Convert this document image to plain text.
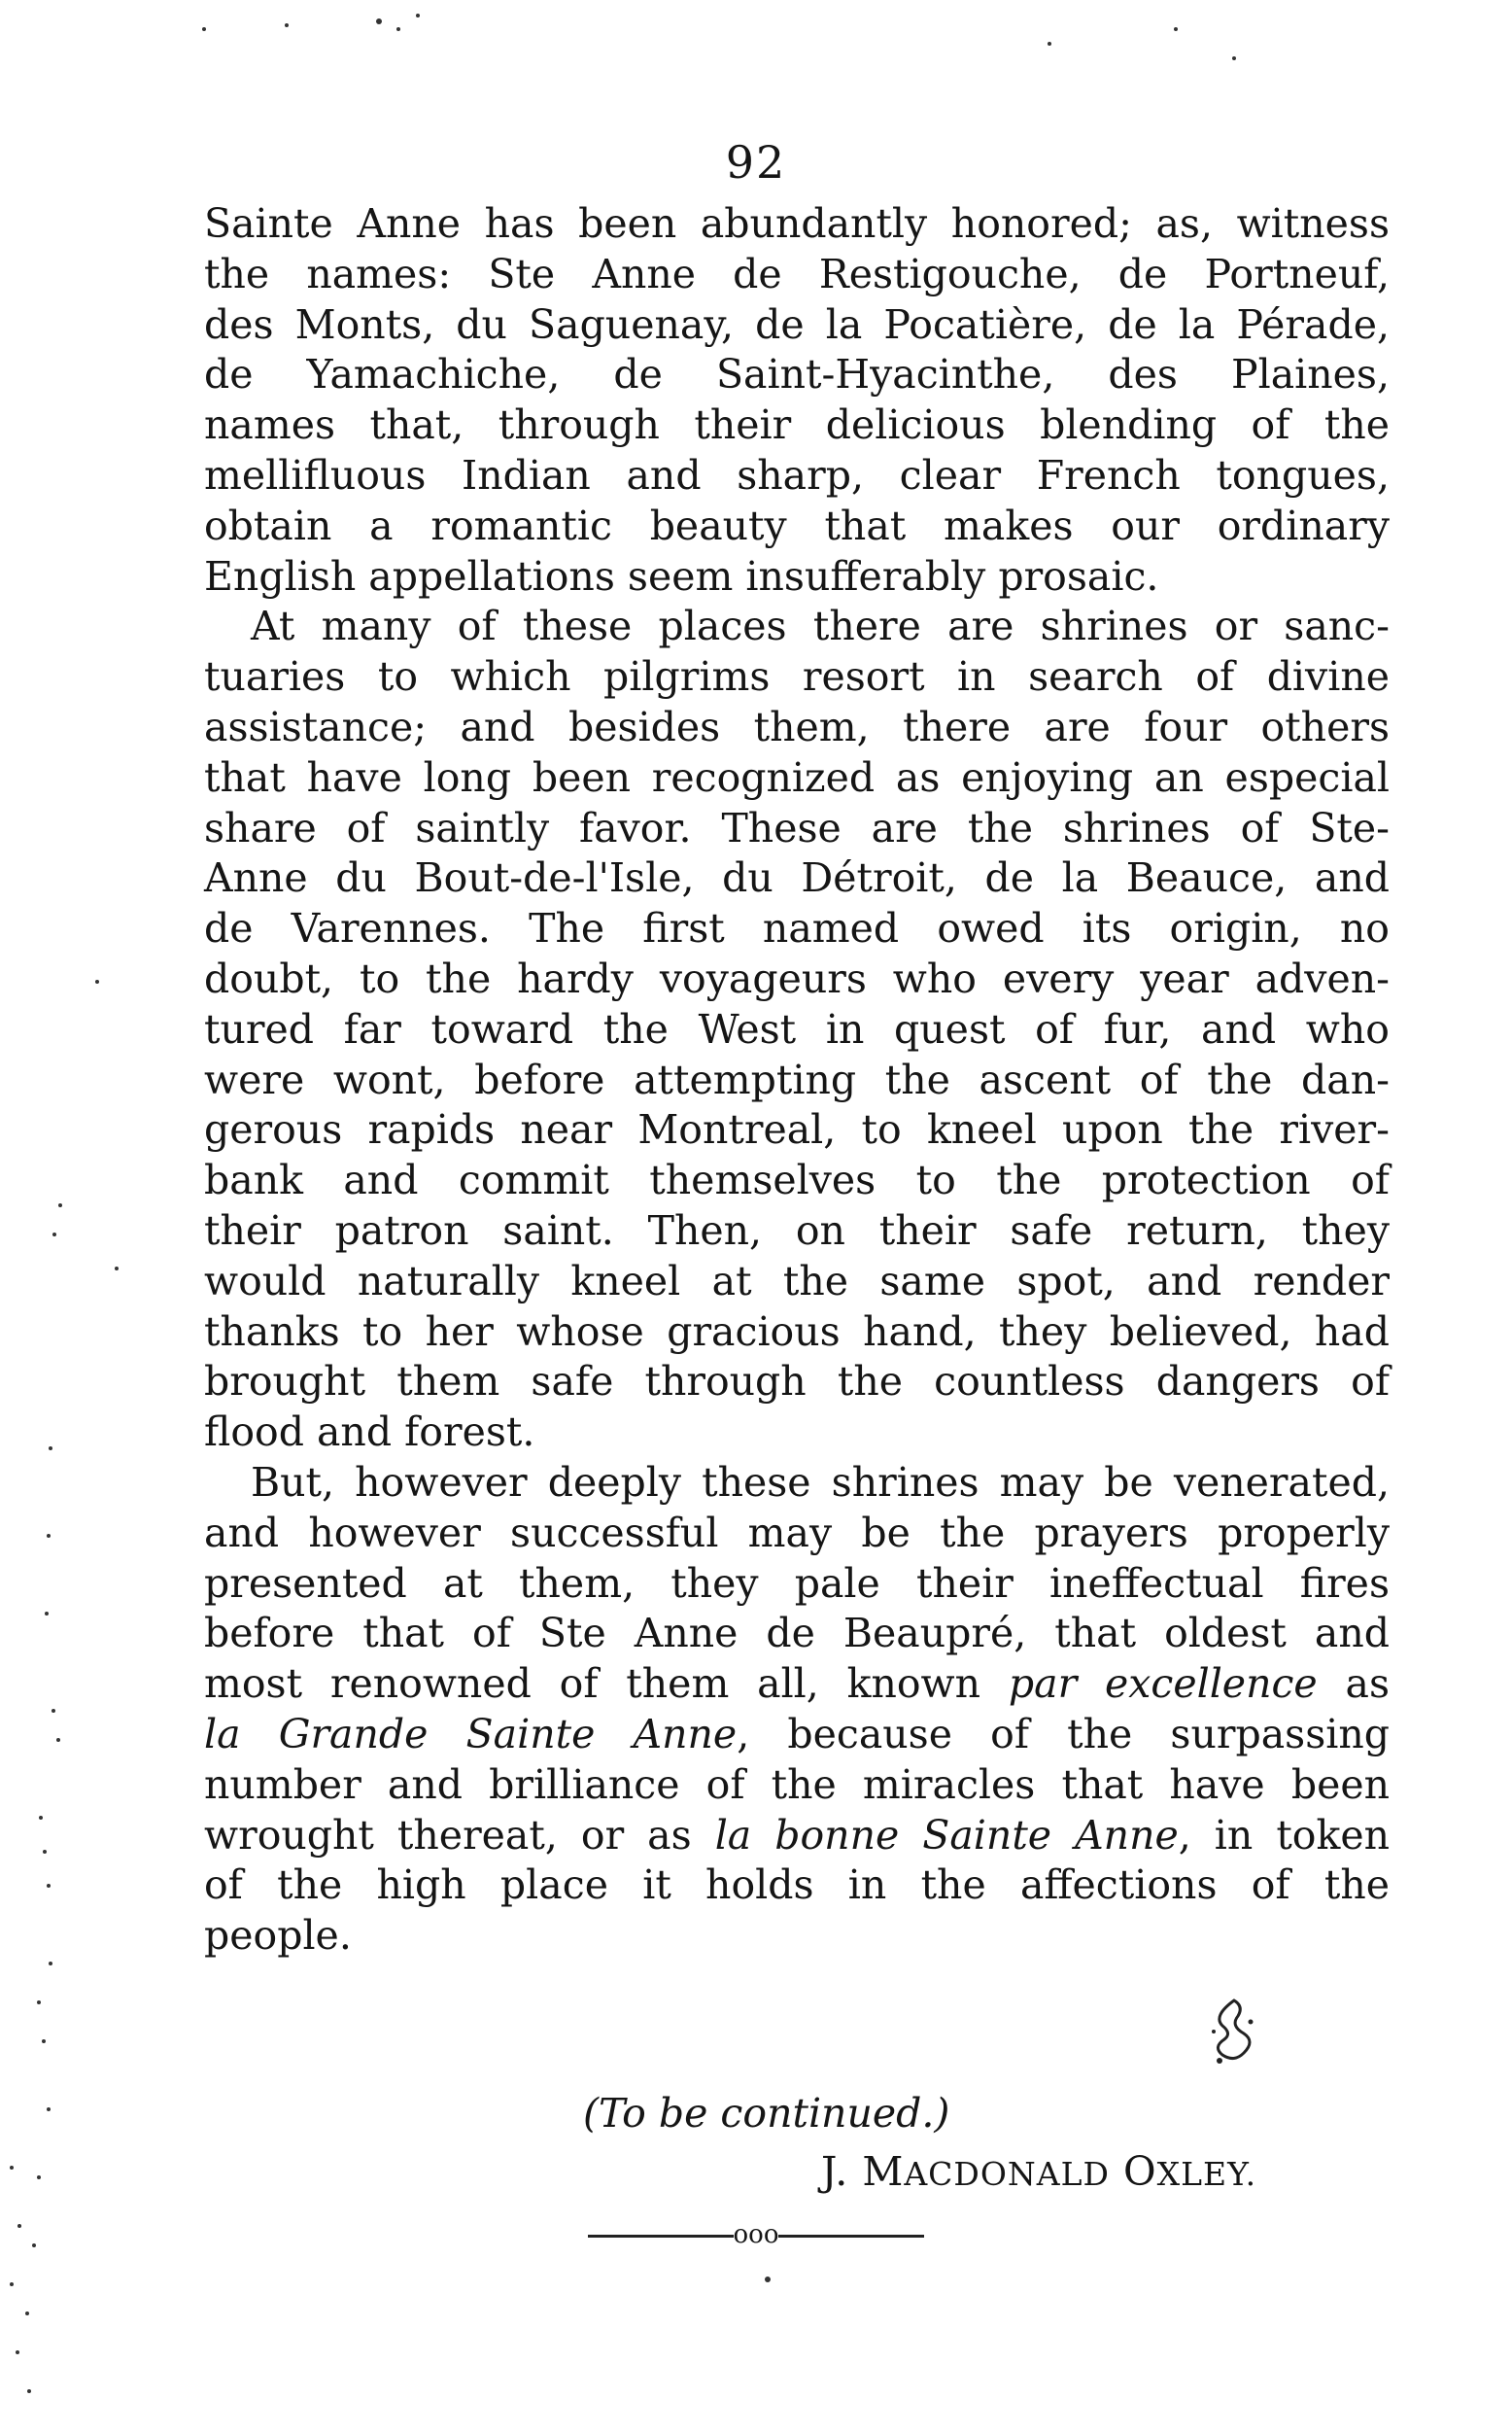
92
Sainte Anne has been abundantly honored; as, witness
the names: Ste Anne de Restigouche, de Portneuf,
des Monts, du Saguenay, de la Pocatière, de la Pérade,
de Yamachiche, de Saint-Hyacinthe, des Plaines,
names that, through their delicious blending of the
mellifluous Indian and sharp, clear French tongues,
obtain a romantic beauty that makes our ordinary
English appellations seem insufferably prosaic.
At many of these places there are shrines or sanc-
tuaries to which pilgrims resort in search of divine
assistance; and besides them, there are four others
that have long been recognized as enjoying an especial
share of saintly favor. These are the shrines of Ste-
Anne du Bout-de-l'Isle, du Détroit, de la Beauce, and
de Varennes. The first named owed its origin, no
doubt, to the hardy voyageurs who every year adven-
tured far toward the West in quest of fur, and who
were wont, before attempting the ascent of the dan-
gerous rapids near Montreal, to kneel upon the river-
bank and commit themselves to the protection of
their patron saint. Then, on their safe return, they
would naturally kneel at the same spot, and render
thanks to her whose gracious hand, they believed, had
brought them safe through the countless dangers of
flood and forest.
But, however deeply these shrines may be venerated,
and however successful may be the prayers properly
presented at them, they pale their ineffectual fires
before that of Ste Anne de Beaupré, that oldest and
most renowned of them all, known par excellence as
la Grande Sainte Anne, because of the surpassing
number and brilliance of the miracles that have been
wrought thereat, or as la bonne Sainte Anne, in token
of the high place it holds in the affections of the
people.
(To be continued.)
J. MACDONALD OXLEY.
ooo
